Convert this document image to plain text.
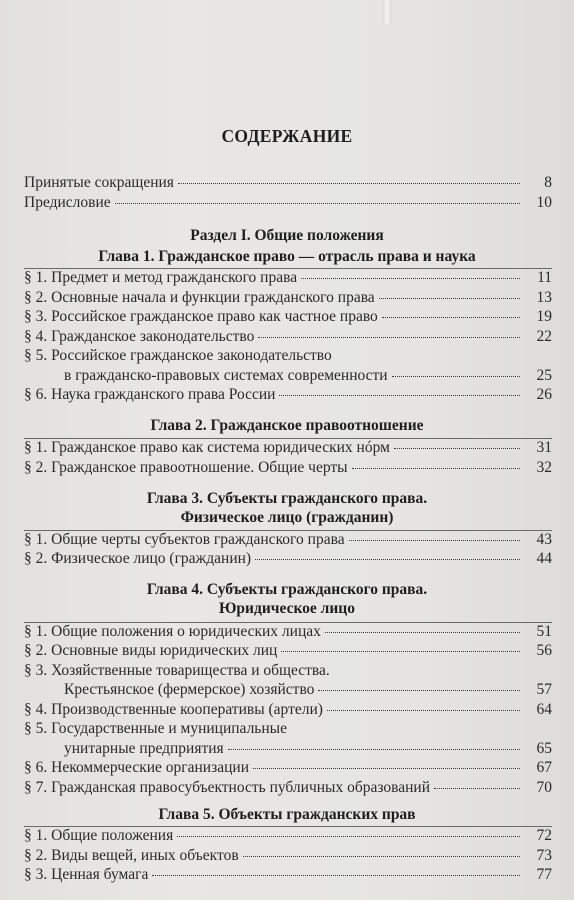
СОДЕРЖАНИЕ
Принятые сокращения	8
Предисловие	10
Раздел I. Общие положения
Глава 1. Гражданское право — отрасль права и наука
§ 1. Предмет и метод гражданского права	11
§ 2. Основные начала и функции гражданского права	13
§ 3. Российское гражданское право как частное право	19
§ 4. Гражданское законодательство	22
§ 5. Российское гражданское законодательство
в гражданско-правовых системах современности	25
§ 6. Наука гражданского права России	26
Глава 2. Гражданское правоотношение
§ 1. Гражданское право как система юридических нóрм	31
§ 2. Гражданское правоотношение. Общие черты	32
Глава 3. Субъекты гражданского права.
Физическое лицо (гражданин)
§ 1. Общие черты субъектов гражданского права	43
§ 2. Физическое лицо (гражданин)	44
Глава 4. Субъекты гражданского права.
Юридическое лицо
§ 1. Общие положения о юридических лицах	51
§ 2. Основные виды юридических лиц	56
§ 3. Хозяйственные товарищества и общества.
Крестьянское (фермерское) хозяйство	57
§ 4. Производственные кооперативы (артели)	64
§ 5. Государственные и муниципальные
унитарные предприятия	65
§ 6. Некоммерческие организации	67
§ 7. Гражданская правосубъектность публичных образований	70
Глава 5. Объекты гражданских прав
§ 1. Общие положения	72
§ 2. Виды вещей, иных объектов	73
§ 3. Ценная бумага	77
